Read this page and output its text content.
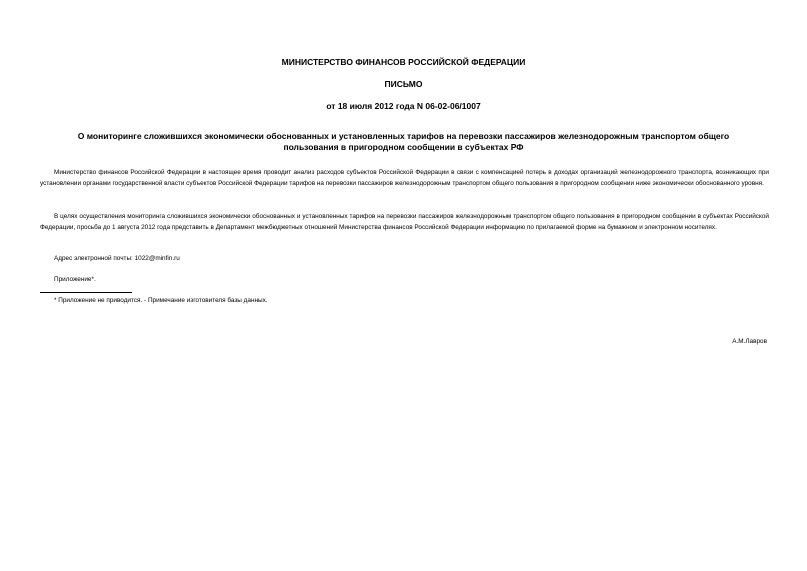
МИНИСТЕРСТВО ФИНАНСОВ РОССИЙСКОЙ ФЕДЕРАЦИИ
ПИСЬМО
от 18 июля 2012 года N 06-02-06/1007
О мониторинге сложившихся экономически обоснованных и установленных тарифов на перевозки пассажиров железнодорожным транспортом общего пользования в пригородном сообщении в субъектах РФ

Министерство финансов Российской Федерации в настоящее время проводит анализ расходов субъектов Российской Федерации в связи с компенсацией потерь в доходах организаций железнодорожного транспорта, возникающих при установлении органами государственной власти субъектов Российской Федерации тарифов на перевозки пассажиров железнодорожным транспортом общего пользования в пригородном сообщении ниже экономически обоснованного уровня.

В целях осуществления мониторинга сложившихся экономически обоснованных и установленных тарифов на перевозки пассажиров железнодорожным транспортом общего пользования в пригородном сообщении в субъектах Российской Федерации, просьба до 1 августа 2012 года представить в Департамент межбюджетных отношений Министерства финансов Российской Федерации информацию по прилагаемой форме на бумажном и электронном носителях.

Адрес электронной почты: 1022@minfin.ru
Приложение*.
* Приложение не приводится. - Примечание изготовителя базы данных.
А.М.Лавров
